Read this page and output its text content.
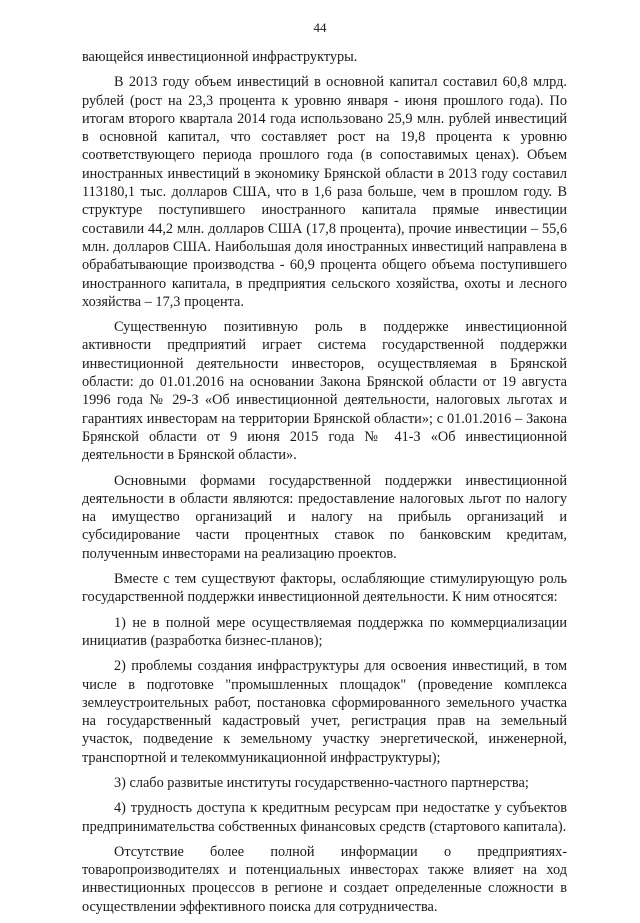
44

вающейся инвестиционной инфраструктуры.

В 2013 году объем инвестиций в основной капитал составил 60,8 млрд. рублей (рост на 23,3 процента к уровню января - июня прошлого года). По итогам второго квартала 2014 года использовано 25,9 млн. рублей инвестиций в основной капитал, что составляет рост на 19,8 процента к уровню соответствующего периода прошлого года (в сопоставимых ценах). Объем иностранных инвестиций в экономику Брянской области в 2013 году составил 113180,1 тыс. долларов США, что в 1,6 раза больше, чем в прошлом году. В структуре поступившего иностранного капитала прямые инвестиции составили 44,2 млн. долларов США (17,8 процента), прочие инвестиции – 55,6 млн. долларов США. Наибольшая доля иностранных инвестиций направлена в обрабатывающие производства - 60,9 процента общего объема поступившего иностранного капитала, в предприятия сельского хозяйства, охоты и лесного хозяйства – 17,3 процента.

Существенную позитивную роль в поддержке инвестиционной активности предприятий играет система государственной поддержки инвестиционной деятельности инвесторов, осуществляемая в Брянской области: до 01.01.2016 на основании Закона Брянской области от 19 августа 1996 года № 29-З «Об инвестиционной деятельности, налоговых льготах и гарантиях инвесторам на территории Брянской области»; с 01.01.2016 – Закона Брянской области от 9 июня 2015 года № 41-З «Об инвестиционной деятельности в Брянской области».

Основными формами государственной поддержки инвестиционной деятельности в области являются: предоставление налоговых льгот по налогу на имущество организаций и налогу на прибыль организаций и субсидирование части процентных ставок по банковским кредитам, полученным инвесторами на реализацию проектов.

Вместе с тем существуют факторы, ослабляющие стимулирующую роль государственной поддержки инвестиционной деятельности. К ним относятся:

1) не в полной мере осуществляемая поддержка по коммерциализации инициатив (разработка бизнес-планов);

2) проблемы создания инфраструктуры для освоения инвестиций, в том числе в подготовке "промышленных площадок" (проведение комплекса землеустроительных работ, постановка сформированного земельного участка на государственный кадастровый учет, регистрация прав на земельный участок, подведение к земельному участку энергетической, инженерной, транспортной и телекоммуникационной инфраструктуры);

3) слабо развитые институты государственно-частного партнерства;

4) трудность доступа к кредитным ресурсам при недостатке у субъектов предпринимательства собственных финансовых средств (стартового капитала).

Отсутствие более полной информации о предприятиях-товаропроизводителях и потенциальных инвесторах также влияет на ход инвестиционных процессов в регионе и создает определенные сложности в осуществлении эффективного поиска для сотрудничества.
